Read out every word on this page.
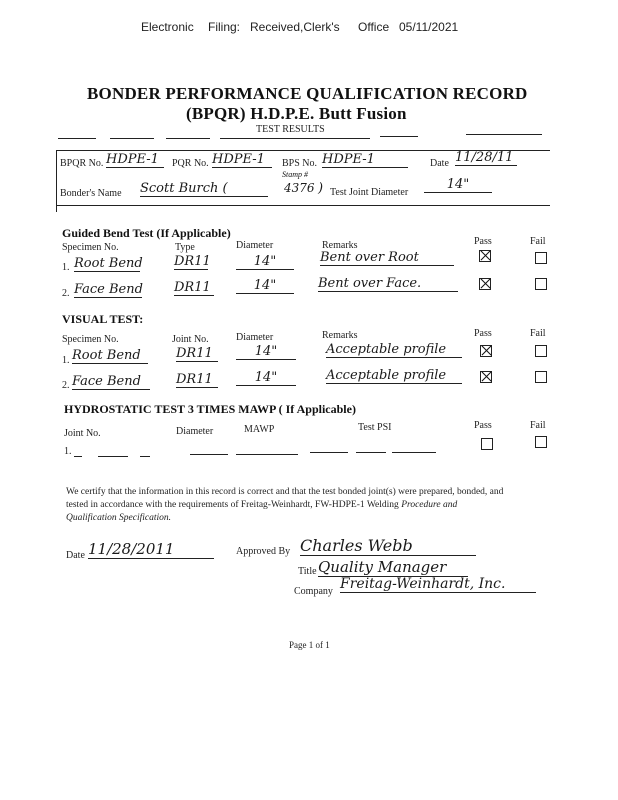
Electronic Filing: Received,Clerk's Office 05/11/2021
BONDER PERFORMANCE QUALIFICATION RECORD
(BPQR) H.D.P.E. Butt Fusion
TEST RESULTS
BPQR No. HDPE-1	PQR No. HDPE-1	BPS No. HDPE-1	Date 11/28/11
Bonder's Name Scott Burch (
Stamp #
4376 ) Test Joint Diameter
14"
Guided Bend Test (If Applicable)
Specimen No.	Type	Diameter	Remarks	Pass	Fail
1. Root Bend DR11	14"	Bent over Root
2. Face Bend DR11	14"	Bent over Face.
VISUAL TEST:
Specimen No.	Joint No.	Diameter	Remarks	Pass	Fail
1. Root Bend	DR11	14"	Acceptable profile
2. Face Bend	DR11	14"	Acceptable profile
HYDROSTATIC TEST 3 TIMES MAWP ( If Applicable)
Joint No.	Diameter	MAWP	Test PSI	Pass	Fail
1.
We certify that the information in this record is correct and that the test bonded joint(s) were prepared, bonded, and tested in accordance with the requirements of Freitag-Weinhardt, FW-HDPE-1 Welding Procedure and Qualification Specification.
Date 11/28/2011	Approved By Charles Webb
Title Quality Manager
Company Freitag-Weinhardt, Inc.
Page 1 of 1
